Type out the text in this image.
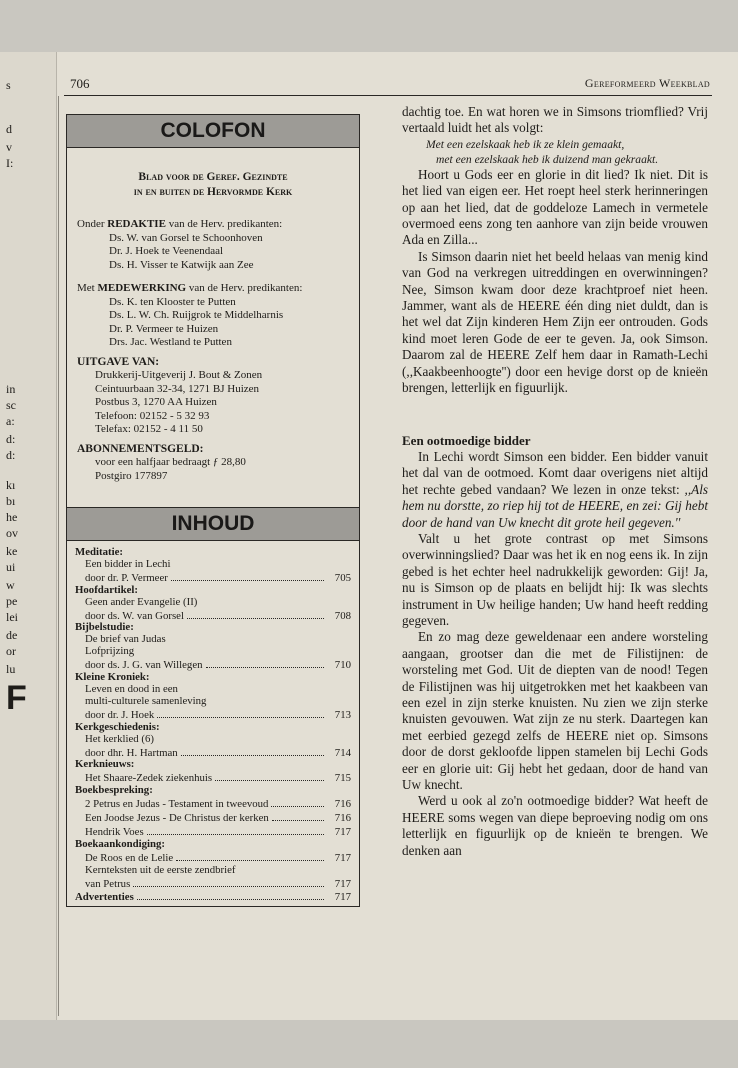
s
d
v
I:
in
sc
a:
d:
d:
kı
bı
he
ov
ke
ui
w
pe
lei
de
or
lu
F
706	Gereformeerd Weekblad
COLOFON
Blad voor de Geref. Gezindte
in en buiten de Hervormde Kerk
Onder REDAKTIE van de Herv. predikanten:
Ds. W. van Gorsel te Schoonhoven
Dr. J. Hoek te Veenendaal
Ds. H. Visser te Katwijk aan Zee
Met MEDEWERKING van de Herv. predikanten:
Ds. K. ten Klooster te Putten
Ds. L. W. Ch. Ruijgrok te Middelharnis
Dr. P. Vermeer te Huizen
Drs. Jac. Westland te Putten
UITGAVE VAN:
Drukkerij-Uitgeverij J. Bout & Zonen
Ceintuurbaan 32-34, 1271 BJ Huizen
Postbus 3, 1270 AA Huizen
Telefoon: 02152 - 5 32 93
Telefax: 02152 - 4 11 50
ABONNEMENTSGELD:
voor een halfjaar bedraagt ƒ 28,80
Postgiro 177897
INHOUD
Meditatie:
Een bidder in Lechi
door dr. P. Vermeer	705
Hoofdartikel:
Geen ander Evangelie (II)
door ds. W. van Gorsel	708
Bijbelstudie:
De brief van Judas
Lofprijzing
door ds. J. G. van Willegen	710
Kleine Kroniek:
Leven en dood in een
multi-culturele samenleving
door dr. J. Hoek	713
Kerkgeschiedenis:
Het kerklied (6)
door dhr. H. Hartman	714
Kerknieuws:
Het Shaare-Zedek ziekenhuis	715
Boekbespreking:
2 Petrus en Judas - Testament in tweevoud	716
Een Joodse Jezus - De Christus der kerken	716
Hendrik Voes	717
Boekaankondiging:
De Roos en de Lelie	717
Kernteksten uit de eerste zendbrief
van Petrus	717
Advertenties	717

dachtig toe. En wat horen we in Simsons triomflied? Vrij vertaald luidt het als volgt:

Met een ezelskaak heb ik ze klein gemaakt,

met een ezelskaak heb ik duizend man gekraakt.

Hoort u Gods eer en glorie in dit lied? Ik niet. Dit is het lied van eigen eer. Het roept heel sterk herinneringen op aan het lied, dat de goddeloze Lamech in vermetele overmoed eens zong ten aanhore van zijn beide vrouwen Ada en Zilla...

Is Simson daarin niet het beeld helaas van menig kind van God na verkregen uitreddingen en overwinningen? Nee, Simson kwam door deze krachtproef niet heen. Jammer, want als de HEERE één ding niet duldt, dan is het wel dat Zijn kinderen Hem Zijn eer ontrouden. Gods kind moet leren Gode de eer te geven. Ja, ook Simson. Daarom zal de HEERE Zelf hem daar in Ramath-Lechi (,,Kaakbeenhoogte'') door een hevige dorst op de knieën brengen, letterlijk en figuurlijk.

Een ootmoedige bidder

In Lechi wordt Simson een bidder. Een bidder vanuit het dal van de ootmoed. Komt daar overigens niet altijd het rechte gebed vandaan? We lezen in onze tekst: ,,Als hem nu dorstte, zo riep hij tot de HEERE, en zei: Gij hebt door de hand van Uw knecht dit grote heil gegeven.''

Valt u het grote contrast op met Simsons overwinningslied? Daar was het ik en nog eens ik. In zijn gebed is het echter heel nadrukkelijk geworden: Gij! Ja, nu is Simson op de plaats en belijdt hij: Ik was slechts instrument in Uw heilige handen; Uw hand heeft redding gegeven.

En zo mag deze geweldenaar een andere worsteling aangaan, grootser dan die met de Filistijnen: de worsteling met God. Uit de diepten van de nood! Tegen de Filistijnen was hij uitgetrokken met het kaakbeen van een ezel in zijn sterke knuisten. Nu zien we zijn sterke knuisten gevouwen. Wat zijn ze nu sterk. Daartegen kan met eerbied gezegd zelfs de HEERE niet op. Simsons door de dorst gekloofde lippen stamelen bij Lechi Gods eer en glorie uit: Gij hebt het gedaan, door de hand van Uw knecht.

Werd u ook al zo'n ootmoedige bidder? Wat heeft de HEERE soms wegen van diepe beproeving nodig om ons letterlijk en figuurlijk op de knieën te brengen. We denken aan
